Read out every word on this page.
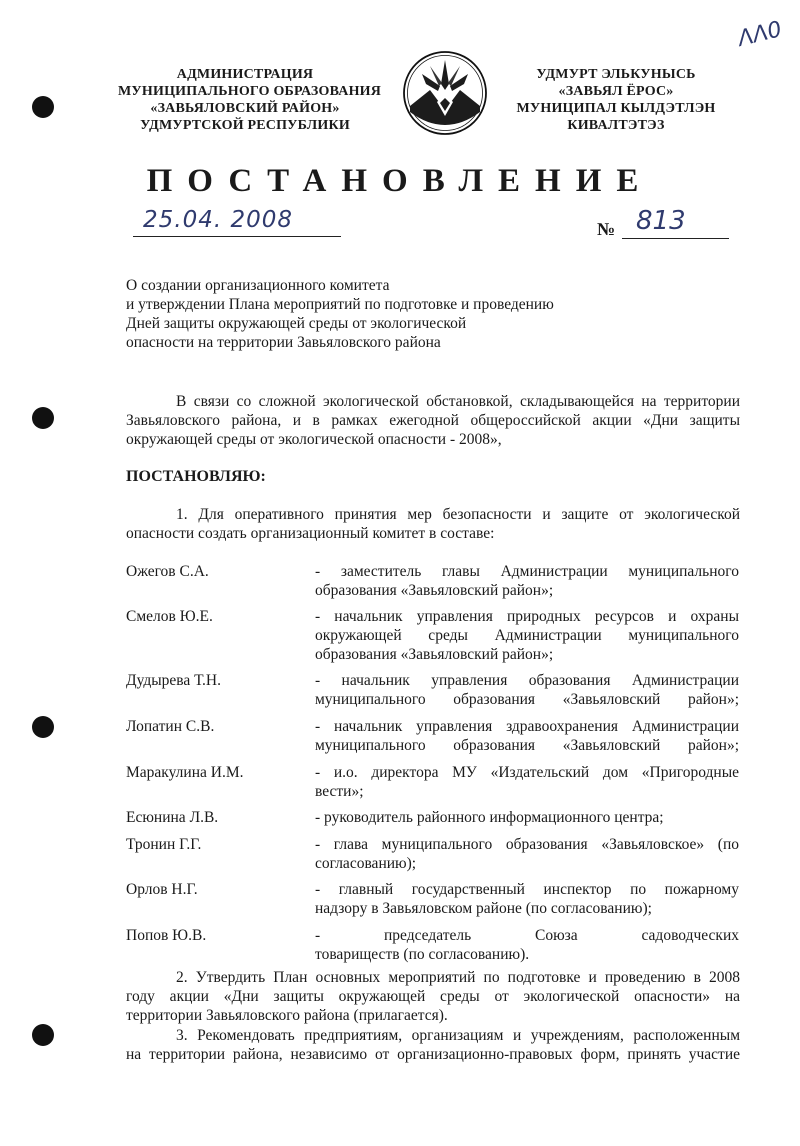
ΛΛ0
АДМИНИСТРАЦИЯ
МУНИЦИПАЛЬНОГО ОБРАЗОВАНИЯ
«ЗАВЬЯЛОВСКИЙ РАЙОН»
УДМУРТСКОЙ РЕСПУБЛИКИ
УДМУРТ ЭЛЬКУНЫСЬ
«ЗАВЬЯЛ ЁРОС»
МУНИЦИПАЛ КЫЛДЭТЛЭН
КИВАЛТЭТЭЗ
ПОСТАНОВЛЕНИЕ
25.04. 2008	№ 813
О создании организационного комитета
и утверждении Плана мероприятий по подготовке и проведению
Дней защиты окружающей среды от экологической
опасности на территории Завьяловского района
В связи со сложной экологической обстановкой, складывающейся на территории
Завьяловского района, и в рамках ежегодной общероссийской акции «Дни защиты
окружающей среды от экологической опасности - 2008»,
ПОСТАНОВЛЯЮ:
1. Для оперативного принятия мер безопасности и защите от экологической
опасности создать организационный комитет в составе:
Ожегов С.А.	- заместитель главы Администрации муниципального
образования «Завьяловский район»;
Смелов Ю.Е.	- начальник управления природных ресурсов и охраны
окружающей среды Администрации муниципального
образования «Завьяловский район»;
Дудырева Т.Н.	- начальник управления образования Администрации
муниципального образования «Завьяловский район»;
Лопатин С.В.	- начальник управления здравоохранения Администрации
муниципального образования «Завьяловский район»;
Маракулина И.М.	- и.о. директора МУ «Издательский дом «Пригородные
вести»;
Есюнина Л.В.	- руководитель районного информационного центра;
Тронин Г.Г.	- глава муниципального образования «Завьяловское» (по
согласованию);
Орлов Н.Г.	- главный государственный инспектор по пожарному
надзору в Завьяловском районе (по согласованию);
Попов Ю.В.	-         председатель         Союза         садоводческих
товариществ (по согласованию).
2. Утвердить План основных мероприятий по подготовке и проведению в 2008
году акции «Дни защиты окружающей среды от экологической опасности» на
территории Завьяловского района (прилагается).
3. Рекомендовать предприятиям, организациям и учреждениям, расположенным
на территории района, независимо от организационно-правовых форм, принять участие
